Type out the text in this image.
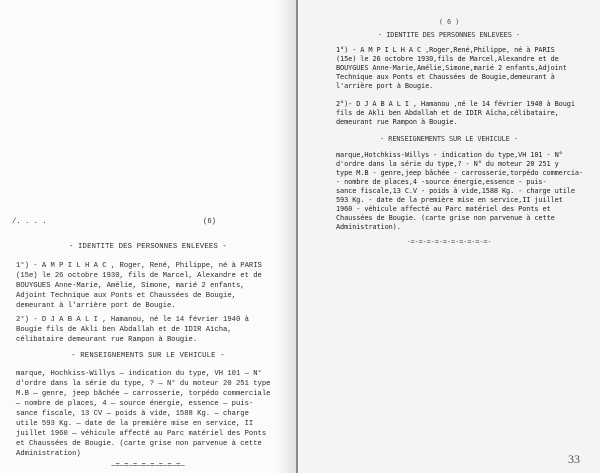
/. . . .	(6)
- IDENTITE DES PERSONNES ENLEVEES -
1°) - A M P I L H A C , Roger, René, Philippe, né à PARIS
(15e) le 26 octobre 1930, fils de Marcel, Alexandre et de
BOUYGUES Anne-Marie, Amélie, Simone, marié 2 enfants,
Adjoint Technique aux Ponts et Chaussées de Bougie,
demeurant à l'arrière port de Bougie.
2°) - D J A B A L I , Hamanou, né le 14 février 1940 à
Bougie fils de Akli ben Abdallah et de IDIR Aïcha,
célibataire demeurant rue Rampon à Bougie.
- RENSEIGNEMENTS SUR LE VEHICULE -
marque, Hochkiss-Willys — indication du type, VH 101 — N°
d'ordre dans la série du type, ? — N° du moteur 20 251 type
M.B — genre, jeep bâchée — carrosserie, torpédo commerciale
— nombre de places, 4 — source énergie, essence — puis-
sance fiscale, 13 CV — poids à vide, 1588 Kg. — charge
utile 593 Kg. — date de la première mise en service, II
juillet 1960 — véhicule affecté au Parc matériel des Ponts
et Chaussées de Bougie. (carte grise non parvenue à cette
Administration)
—=—=—=—=—=—=—=—=—
( 6 )
- IDENTITE DES PERSONNES ENLEVEES -
1°) - A M P I L H A C ,Roger,René,Philippe, né à PARIS
(15e) le 26 octobre 1930,fils de Marcel,Alexandre et de
BOUYGUES Anne-Marie,Amélie,Simone,marié 2 enfants,Adjoint
Technique aux Ponts et Chaussées de Bougie,demeurant à
l'arrière port à Bougie.
2°)- D J A B A L I , Hamanou ,né le 14 février 1940 à Bougi
fils de Akli ben Abdallah et de IDIR Aïcha,célibataire,
demeurant rue Rampon à Bougie.
- RENSEIGNEMENTS SUR LE VEHICULE -
marque,Hotchkiss-Willys - indication du type,VH 101 - N°
d'ordre dans la série du type,? - N° du moteur 20 251 y
type M.B - genre,jeep bâchée - carrosserie,torpédo commercia-
- nombre de places,4 -source énergie,essence - puis-
sance fiscale,13 C.V - poids à vide,1588 Kg. - charge utile
593 Kg. - date de la première mise en service,II juillet
1960 - véhicule affecté au Parc matériel des Ponts et
Chaussées de Bougie. (carte grise non parvenue à cette
Administration).
-=-=-=-=-=-=-=-=-=-=-
33
